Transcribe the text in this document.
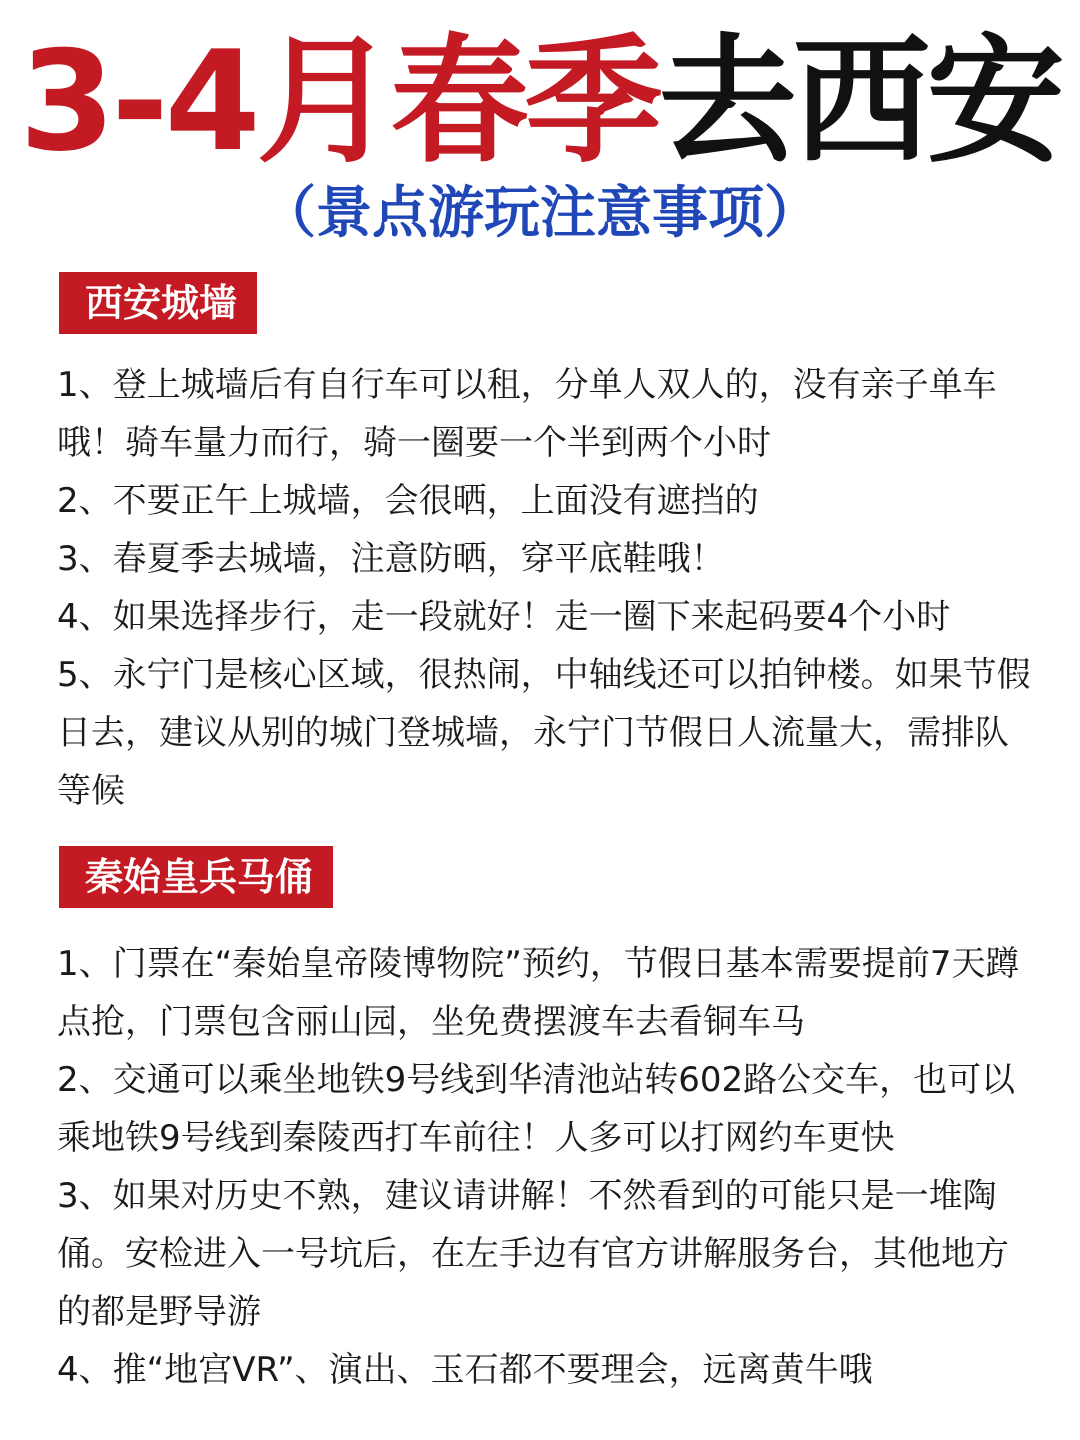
3-4月春季去西安
（景点游玩注意事项）
西安城墙
1、登上城墙后有自行车可以租，分单人双人的，没有亲子单车哦！骑车量力而行，骑一圈要一个半到两个小时
2、不要正午上城墙，会很晒，上面没有遮挡的
3、春夏季去城墙，注意防晒，穿平底鞋哦！
4、如果选择步行，走一段就好！走一圈下来起码要4个小时
5、永宁门是核心区域，很热闹，中轴线还可以拍钟楼。如果节假日去，建议从别的城门登城墙，永宁门节假日人流量大，需排队等候
秦始皇兵马俑
1、门票在“秦始皇帝陵博物院”预约，节假日基本需要提前7天蹲点抢，门票包含丽山园，坐免费摆渡车去看铜车马
2、交通可以乘坐地铁9号线到华清池站转602路公交车，也可以乘地铁9号线到秦陵西打车前往！人多可以打网约车更快
3、如果对历史不熟，建议请讲解！不然看到的可能只是一堆陶俑。安检进入一号坑后，在左手边有官方讲解服务台，其他地方的都是野导游
4、推“地宫VR”、演出、玉石都不要理会，远离黄牛哦
